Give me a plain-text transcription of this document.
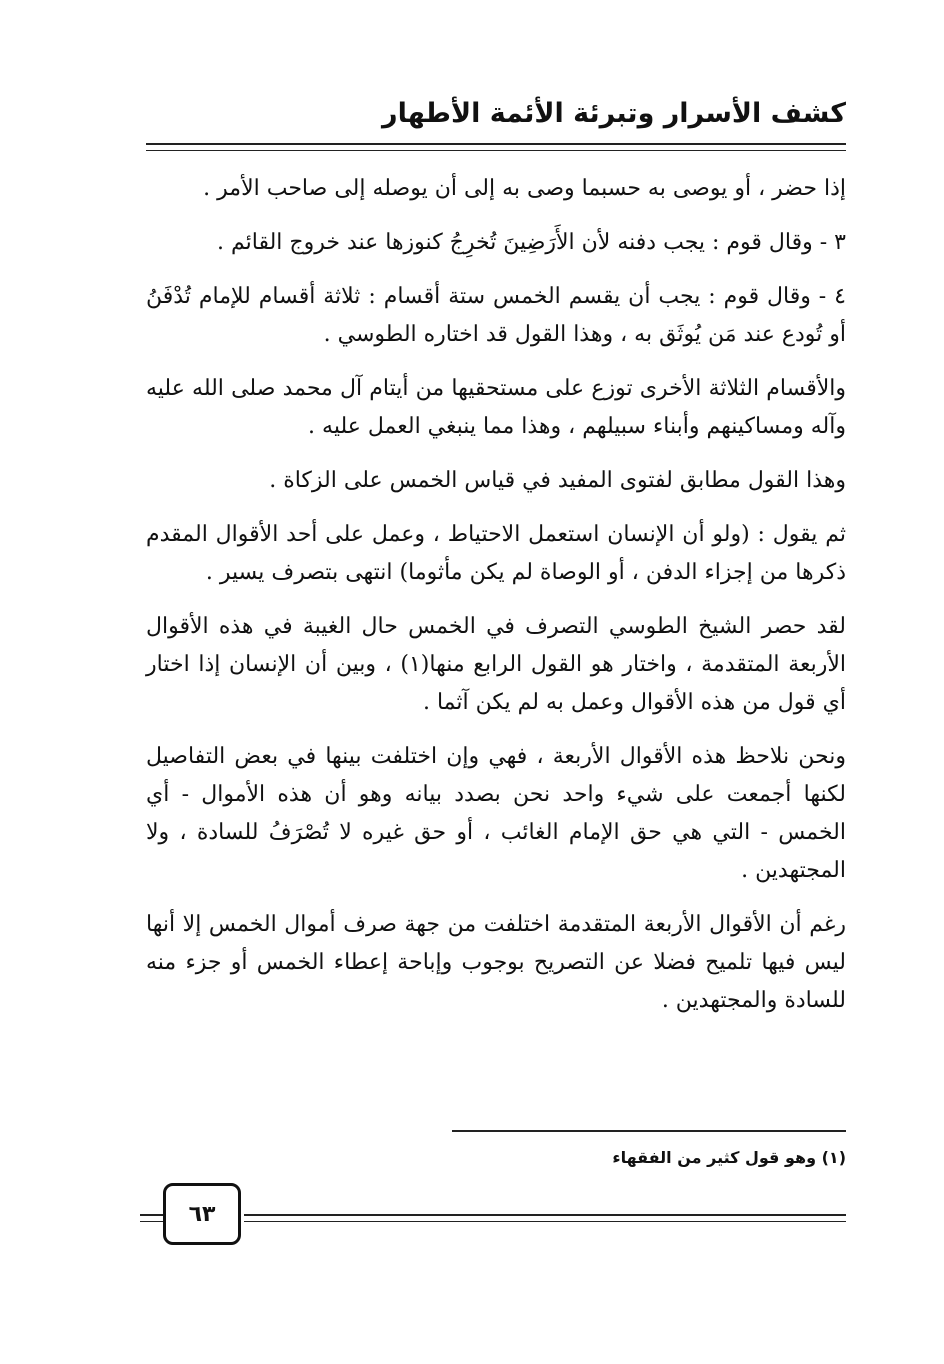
كشف الأسرار وتبرئة الأئمة الأطهار

إذا حضر ، أو يوصى به حسبما وصى به إلى أن يوصله إلى صاحب الأمر .

٣ - وقال قوم : يجب دفنه لأن الأَرَضِينَ تُخرِجُ كنوزها عند خروج القائم .

٤ - وقال قوم : يجب أن يقسم الخمس ستة أقسام : ثلاثة أقسام للإمام تُدْفَنُ أو تُودع عند مَن يُوثَق به ، وهذا القول قد اختاره الطوسي .

والأقسام الثلاثة الأخرى توزع على مستحقيها من أيتام آل محمد صلى الله عليه وآله ومساكينهم وأبناء سبيلهم ، وهذا مما ينبغي العمل عليه .

وهذا القول مطابق لفتوى المفيد في قياس الخمس على الزكاة .

ثم يقول : (ولو أن الإنسان استعمل الاحتياط ، وعمل على أحد الأقوال المقدم ذكرها من إجزاء الدفن ، أو الوصاة لم يكن مأثوما) انتهى بتصرف يسير .

لقد حصر الشيخ الطوسي التصرف في الخمس حال الغيبة في هذه الأقوال الأربعة المتقدمة ، واختار هو القول الرابع منها(١) ، وبين أن الإنسان إذا اختار أي قول من هذه الأقوال وعمل به لم يكن آثما .

ونحن نلاحظ هذه الأقوال الأربعة ، فهي وإن اختلفت بينها في بعض التفاصيل لكنها أجمعت على شيء واحد نحن بصدد بيانه وهو أن هذه الأموال - أي الخمس - التي هي حق الإمام الغائب ، أو حق غيره لا تُصْرَفُ للسادة ، ولا المجتهدين .

رغم أن الأقوال الأربعة المتقدمة اختلفت من جهة صرف أموال الخمس إلا أنها ليس فيها تلميح فضلا عن التصريح بوجوب وإباحة إعطاء الخمس أو جزء منه للسادة والمجتهدين .

(١) وهو قول كثير من الفقهاء
٦٣
